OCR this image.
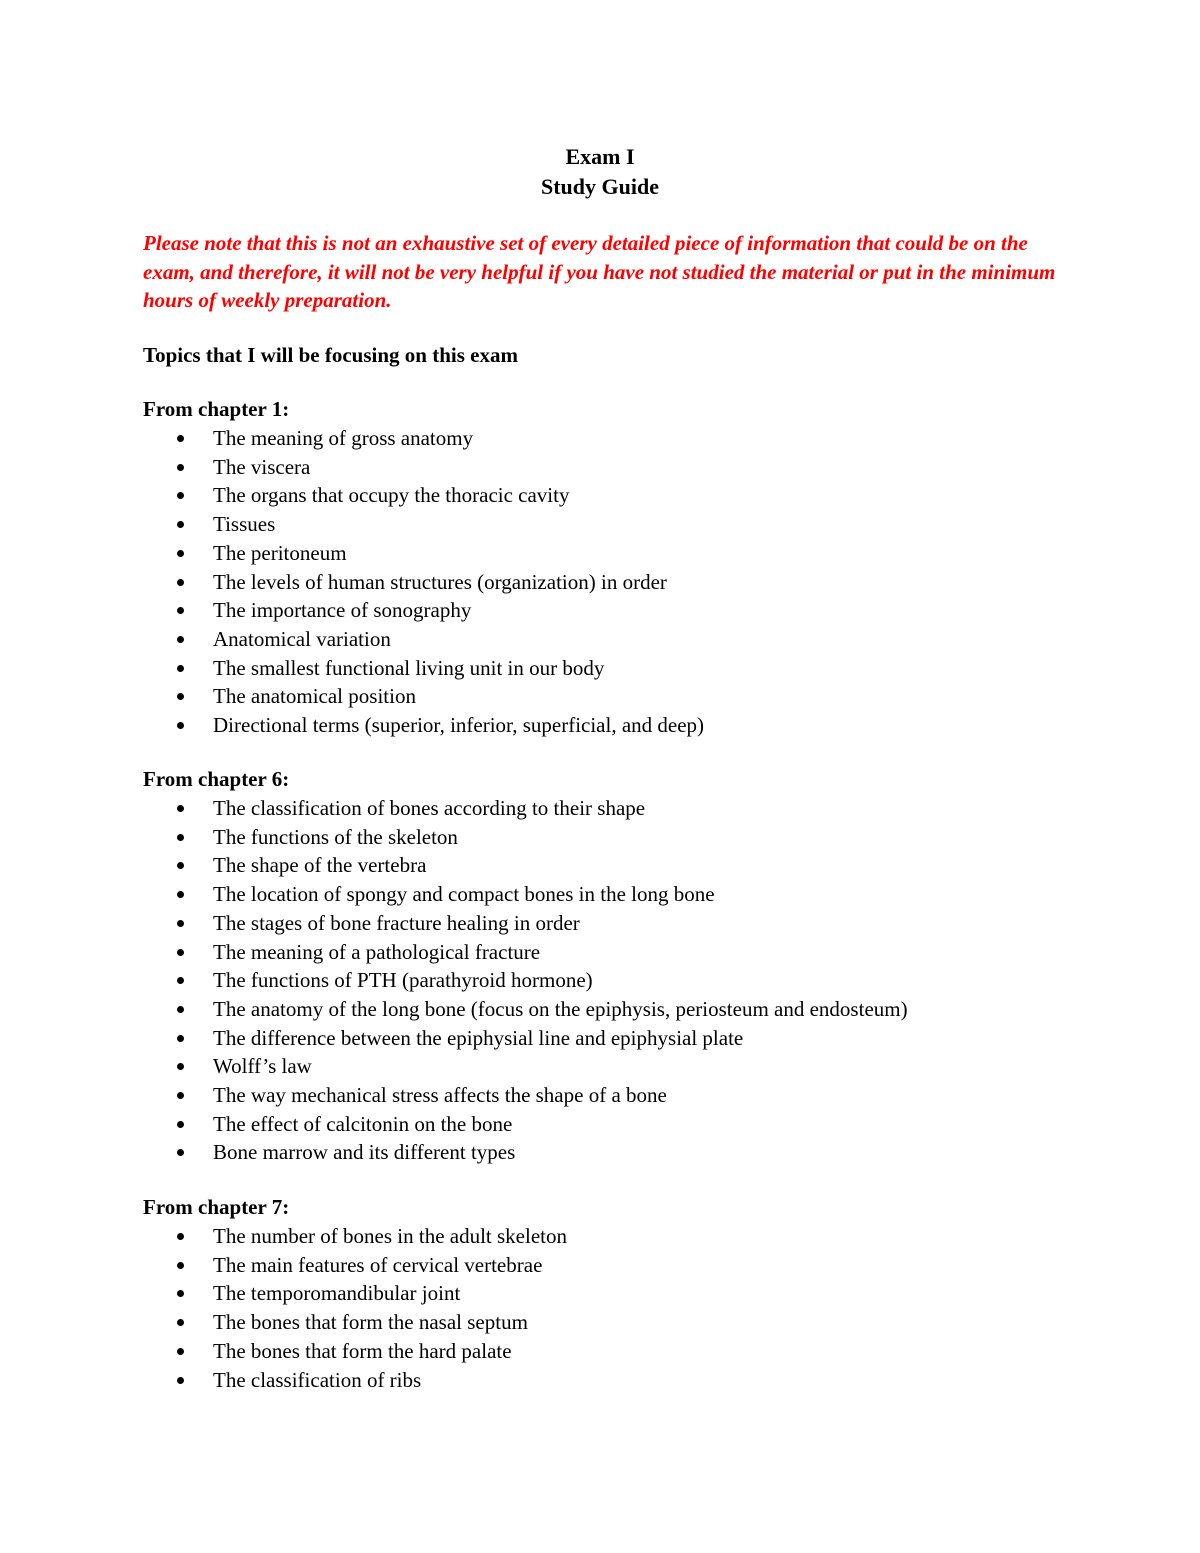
Exam I
Study Guide
Please note that this is not an exhaustive set of every detailed piece of information that could be on the exam, and therefore, it will not be very helpful if you have not studied the material or put in the minimum hours of weekly preparation.
Topics that I will be focusing on this exam
From chapter 1:
The meaning of gross anatomy
The viscera
The organs that occupy the thoracic cavity
Tissues
The peritoneum
The levels of human structures (organization) in order
The importance of sonography
Anatomical variation
The smallest functional living unit in our body
The anatomical position
Directional terms (superior, inferior, superficial, and deep)
From chapter 6:
The classification of bones according to their shape
The functions of the skeleton
The shape of the vertebra
The location of spongy and compact bones in the long bone
The stages of bone fracture healing in order
The meaning of a pathological fracture
The functions of PTH (parathyroid hormone)
The anatomy of the long bone (focus on the epiphysis, periosteum and endosteum)
The difference between the epiphysial line and epiphysial plate
Wolff’s law
The way mechanical stress affects the shape of a bone
The effect of calcitonin on the bone
Bone marrow and its different types
From chapter 7:
The number of bones in the adult skeleton
The main features of cervical vertebrae
The temporomandibular joint
The bones that form the nasal septum
The bones that form the hard palate
The classification of ribs
